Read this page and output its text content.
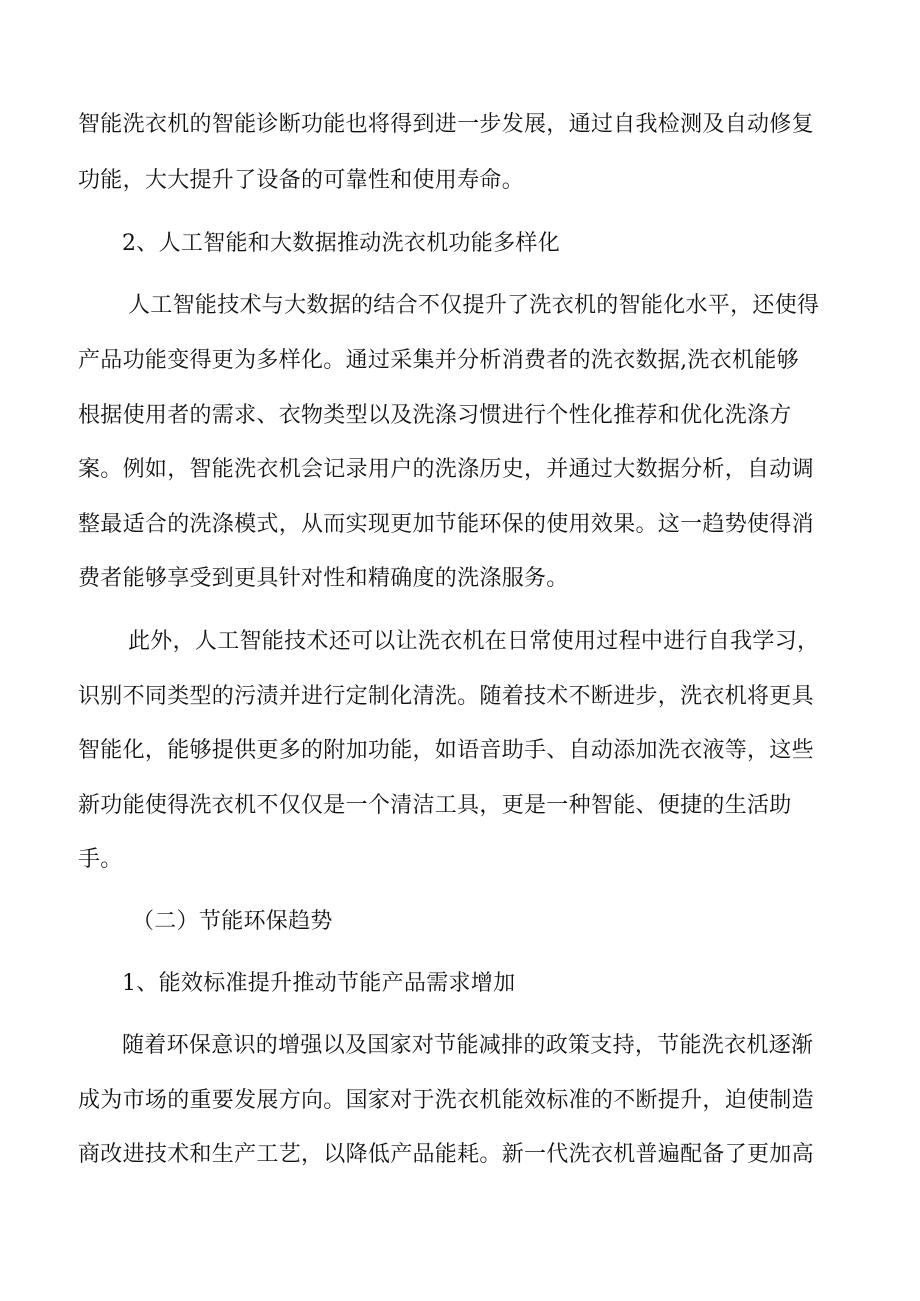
智能洗衣机的智能诊断功能也将得到进一步发展，通过自我检测及自动修复
功能，大大提升了设备的可靠性和使用寿命。
2、人工智能和大数据推动洗衣机功能多样化
人工智能技术与大数据的结合不仅提升了洗衣机的智能化水平，还使得
产品功能变得更为多样化。通过采集并分析消费者的洗衣数据,洗衣机能够
根据使用者的需求、衣物类型以及洗涤习惯进行个性化推荐和优化洗涤方
案。例如，智能洗衣机会记录用户的洗涤历史，并通过大数据分析，自动调
整最适合的洗涤模式，从而实现更加节能环保的使用效果。这一趋势使得消
费者能够享受到更具针对性和精确度的洗涤服务。
此外，人工智能技术还可以让洗衣机在日常使用过程中进行自我学习，
识别不同类型的污渍并进行定制化清洗。随着技术不断进步，洗衣机将更具
智能化，能够提供更多的附加功能，如语音助手、自动添加洗衣液等，这些
新功能使得洗衣机不仅仅是一个清洁工具，更是一种智能、便捷的生活助
手。
（二）节能环保趋势
1、能效标准提升推动节能产品需求增加
随着环保意识的增强以及国家对节能减排的政策支持，节能洗衣机逐渐
成为市场的重要发展方向。国家对于洗衣机能效标准的不断提升，迫使制造
商改进技术和生产工艺，以降低产品能耗。新一代洗衣机普遍配备了更加高
